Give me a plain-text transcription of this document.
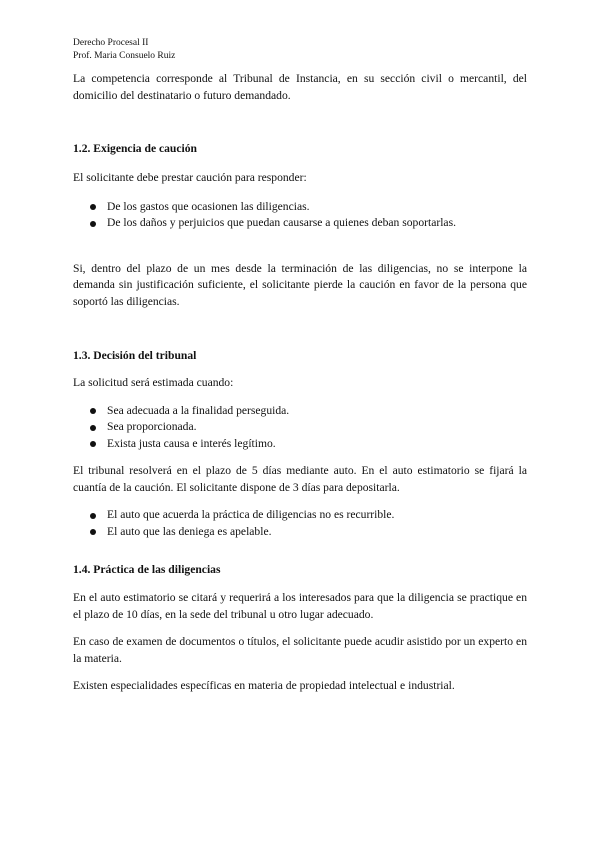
Derecho Procesal II

Prof. Maria Consuelo Ruiz

La competencia corresponde al Tribunal de Instancia, en su sección civil o mercantil, del domicilio del destinatario o futuro demandado.

1.2. Exigencia de caución

El solicitante debe prestar caución para responder:

De los gastos que ocasionen las diligencias.
De los daños y perjuicios que puedan causarse a quienes deban soportarlas.

Si, dentro del plazo de un mes desde la terminación de las diligencias, no se interpone la demanda sin justificación suficiente, el solicitante pierde la caución en favor de la persona que soportó las diligencias.

1.3. Decisión del tribunal

La solicitud será estimada cuando:

Sea adecuada a la finalidad perseguida.
Sea proporcionada.
Exista justa causa e interés legítimo.

El tribunal resolverá en el plazo de 5 días mediante auto. En el auto estimatorio se fijará la cuantía de la caución. El solicitante dispone de 3 días para depositarla.

El auto que acuerda la práctica de diligencias no es recurrible.
El auto que las deniega es apelable.
1.4. Práctica de las diligencias

En el auto estimatorio se citará y requerirá a los interesados para que la diligencia se practique en el plazo de 10 días, en la sede del tribunal u otro lugar adecuado.

En caso de examen de documentos o títulos, el solicitante puede acudir asistido por un experto en la materia.

Existen especialidades específicas en materia de propiedad intelectual e industrial.
